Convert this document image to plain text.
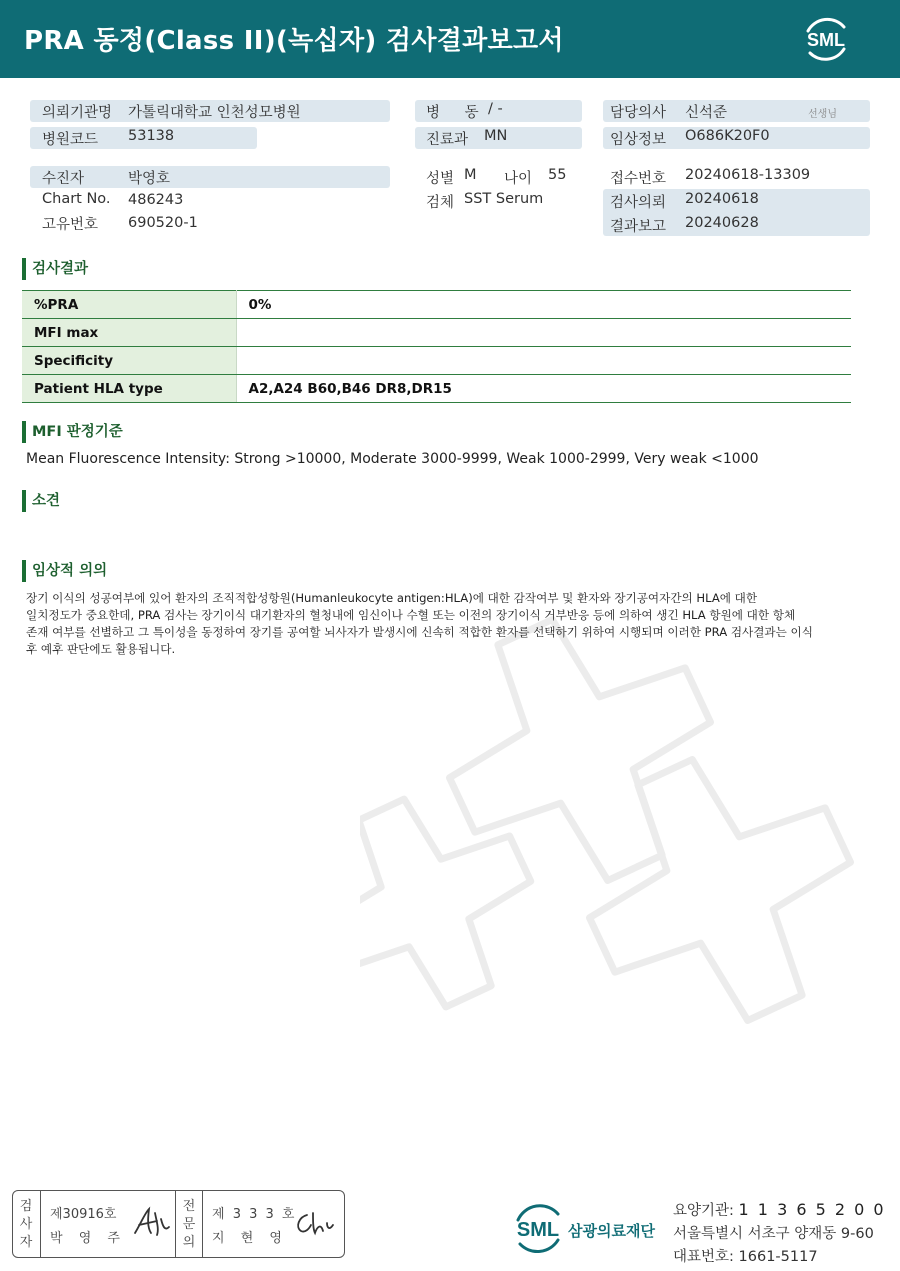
PRA 동정(Class II)(녹십자) 검사결과보고서	SML
의뢰기관명 가톨릭대학교 인천성모병원
병원코드 53138
병 동 / -
진료과 MN
담당의사 신석준	선생님
임상정보 O686K20F0
수진자	박영호
Chart No. 486243
고유번호 690520-1
성별 M 나이 55
검체 SST Serum
접수번호 20240618-13309
검사의뢰 20240618
결과보고 20240628
검사결과
%PRA	0%
MFI max	
Specificity	
Patient HLA type	A2,A24 B60,B46 DR8,DR15
MFI 판정기준
Mean Fluorescence Intensity: Strong >10000, Moderate 3000-9999, Weak 1000-2999, Very weak <1000
소견
임상적 의의

장기 이식의 성공여부에 있어 환자의 조직적합성항원(Humanleukocyte antigen:HLA)에 대한 감작여부 및 환자와 장기공여자간의 HLA에 대한

일치정도가 중요한데, PRA 검사는 장기이식 대기환자의 혈청내에 임신이나 수혈 또는 이전의 장기이식 거부반응 등에 의하여 생긴 HLA 항원에 대한 항체

존재 여부를 선별하고 그 특이성을 동정하여 장기를 공여할 뇌사자가 발생시에 신속히 적합한 환자를 선택하기 위하여 시행되며 이러한 PRA 검사결과는 이식

후 예후 판단에도 활용됩니다.

검
사
자
제30916호
박 영 주
전
문
의
제 3 3 3 호
지 현 영	SML 삼광의료재단
요양기관: 1 1 3 6 5 2 0 0
서울특별시 서초구 양재동 9-60
대표번호: 1661-5117
